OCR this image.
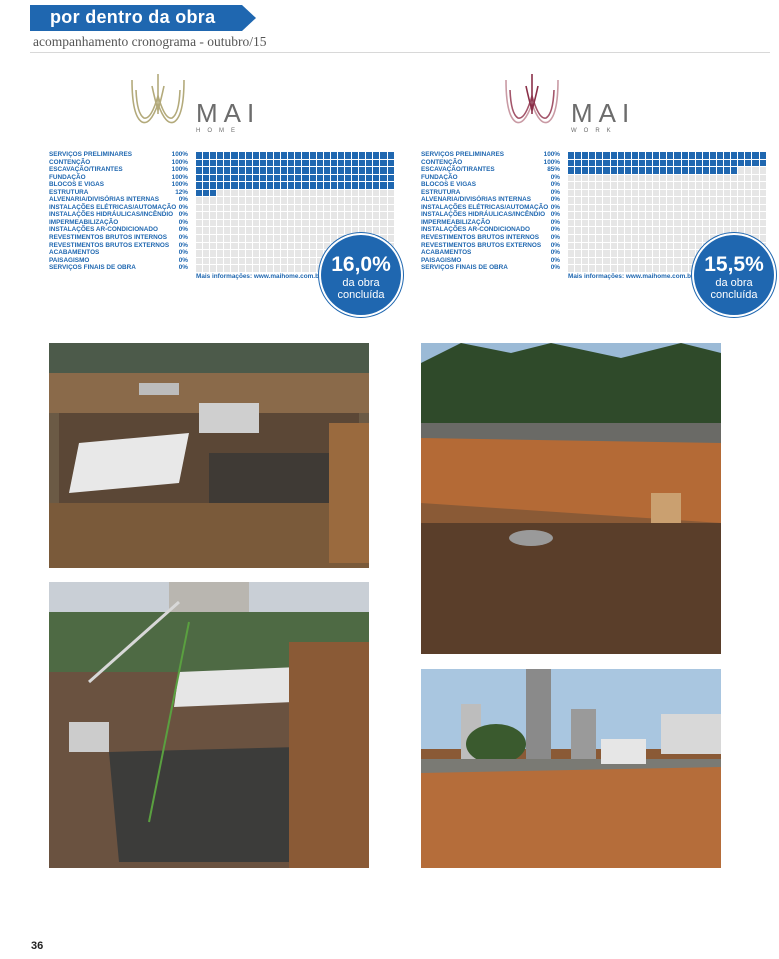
por dentro da obra
acompanhamento cronograma - outubro/15
MAI
HOME
SERVIÇOS PRELIMINARES	100%
CONTENÇÃO	100%
ESCAVAÇÃO/TIRANTES	100%
FUNDAÇÃO	100%
BLOCOS E VIGAS	100%
ESTRUTURA	12%
ALVENARIA/DIVISÓRIAS INTERNAS	0%
INSTALAÇÕES ELÉTRICAS/AUTOMAÇÃO 0%
INSTALAÇÕES HIDRÁULICAS/INCÊNDIO 0%
IMPERMEABILIZAÇÃO	0%
INSTALAÇÕES AR-CONDICIONADO	0%
REVESTIMENTOS BRUTOS INTERNOS 0%
REVESTIMENTOS BRUTOS EXTERNOS 0%
ACABAMENTOS	0%
PAISAGISMO	0%
SERVIÇOS FINAIS DE OBRA	0%
Mais informações: www.maihome.com.br
16,0%
da obra
concluída
MAI
WORK
SERVIÇOS PRELIMINARES	100%
CONTENÇÃO	100%
ESCAVAÇÃO/TIRANTES	85%
FUNDAÇÃO	0%
BLOCOS E VIGAS	0%
ESTRUTURA	0%
ALVENARIA/DIVISÓRIAS INTERNAS	0%
INSTALAÇÕES ELÉTRICAS/AUTOMAÇÃO 0%
INSTALAÇÕES HIDRÁULICAS/INCÊNDIO 0%
IMPERMEABILIZAÇÃO	0%
INSTALAÇÕES AR-CONDICIONADO	0%
REVESTIMENTOS BRUTOS INTERNOS 0%
REVESTIMENTOS BRUTOS EXTERNOS 0%
ACABAMENTOS	0%
PAISAGISMO	0%
SERVIÇOS FINAIS DE OBRA	0%
Mais informações: www.maihome.com.br
15,5%
da obra
concluída
36
